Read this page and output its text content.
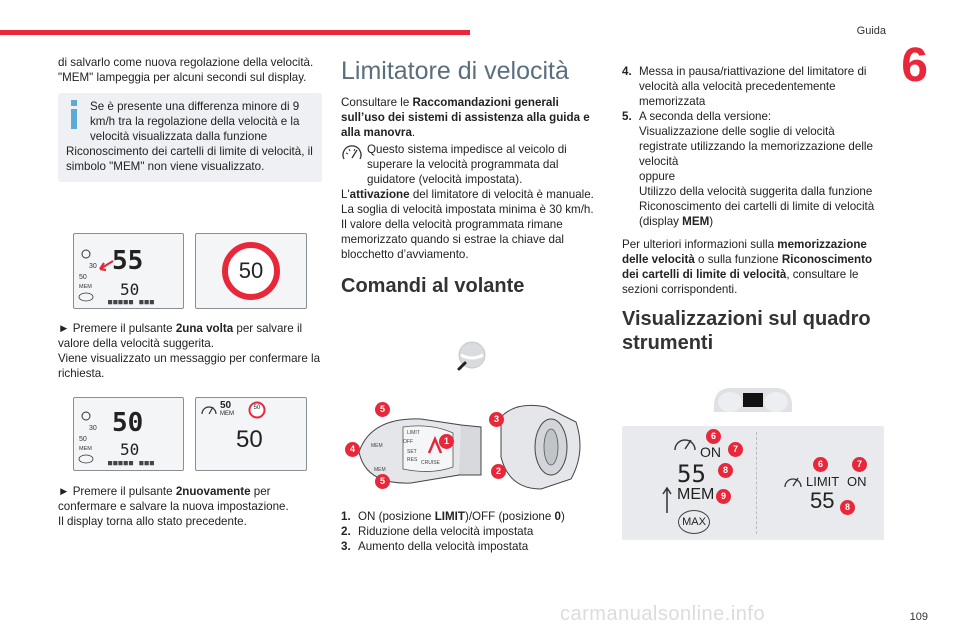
Guida
6

di salvarlo come nuova regolazione della velocità. "MEM" lampeggia per alcuni secondi sul display.

Se è presente una differenza minore di 9 km/h tra la regolazione della velocità e la velocità visualizzata dalla funzione Riconoscimento dei cartelli di limite di velocità, il simbolo "MEM" non viene visualizzato.

30
50
MEM
55
50
■■■■■ ■■■
50

► Premere il pulsante 2una volta per salvare il valore della velocità suggerita.

Viene visualizzato un messaggio per confermare la richiesta.

30
50
MEM
50
50
■■■■■ ■■■
50
MEM
50
50

► Premere il pulsante 2nuovamente per confermare e salvare la nuova impostazione.

Il display torna allo stato precedente.

Limitatore di velocità

Consultare le Raccomandazioni generali sull’uso dei sistemi di assistenza alla guida e alla manovra.

Questo sistema impedisce al veicolo di superare la velocità programmata dal guidatore (velocità impostata).

L'attivazione del limitatore di velocità è manuale.

La soglia di velocità impostata minima è 30 km/h.

Il valore della velocità programmata rimane memorizzato quando si estrae la chiave dal blocchetto d’avviamento.

Comandi al volante
MEM
LIMIT
OFF
SET
CRUISE
RES
MEM
5
4
5
1
3
2
1. ON (posizione LIMIT)/OFF (posizione 0)
2. Riduzione della velocità impostata
3. Aumento della velocità impostata
4. Messa in pausa/riattivazione del limitatore di velocità alla velocità precedentemente memorizzata
5. A seconda della versione:
Visualizzazione delle soglie di velocità registrate utilizzando la memorizzazione delle velocità
oppure
Utilizzo della velocità suggerita dalla funzione Riconoscimento dei cartelli di limite di velocità (display MEM)

Per ulteriori informazioni sulla memorizzazione delle velocità o sulla funzione Riconoscimento dei cartelli di limite di velocità, consultare le sezioni corrispondenti.

Visualizzazioni sul quadro strumenti
ON
55
MEM
MAX
6
7
8
9
LIMIT ON
55
6	7
8
carmanualsonline.info	109
